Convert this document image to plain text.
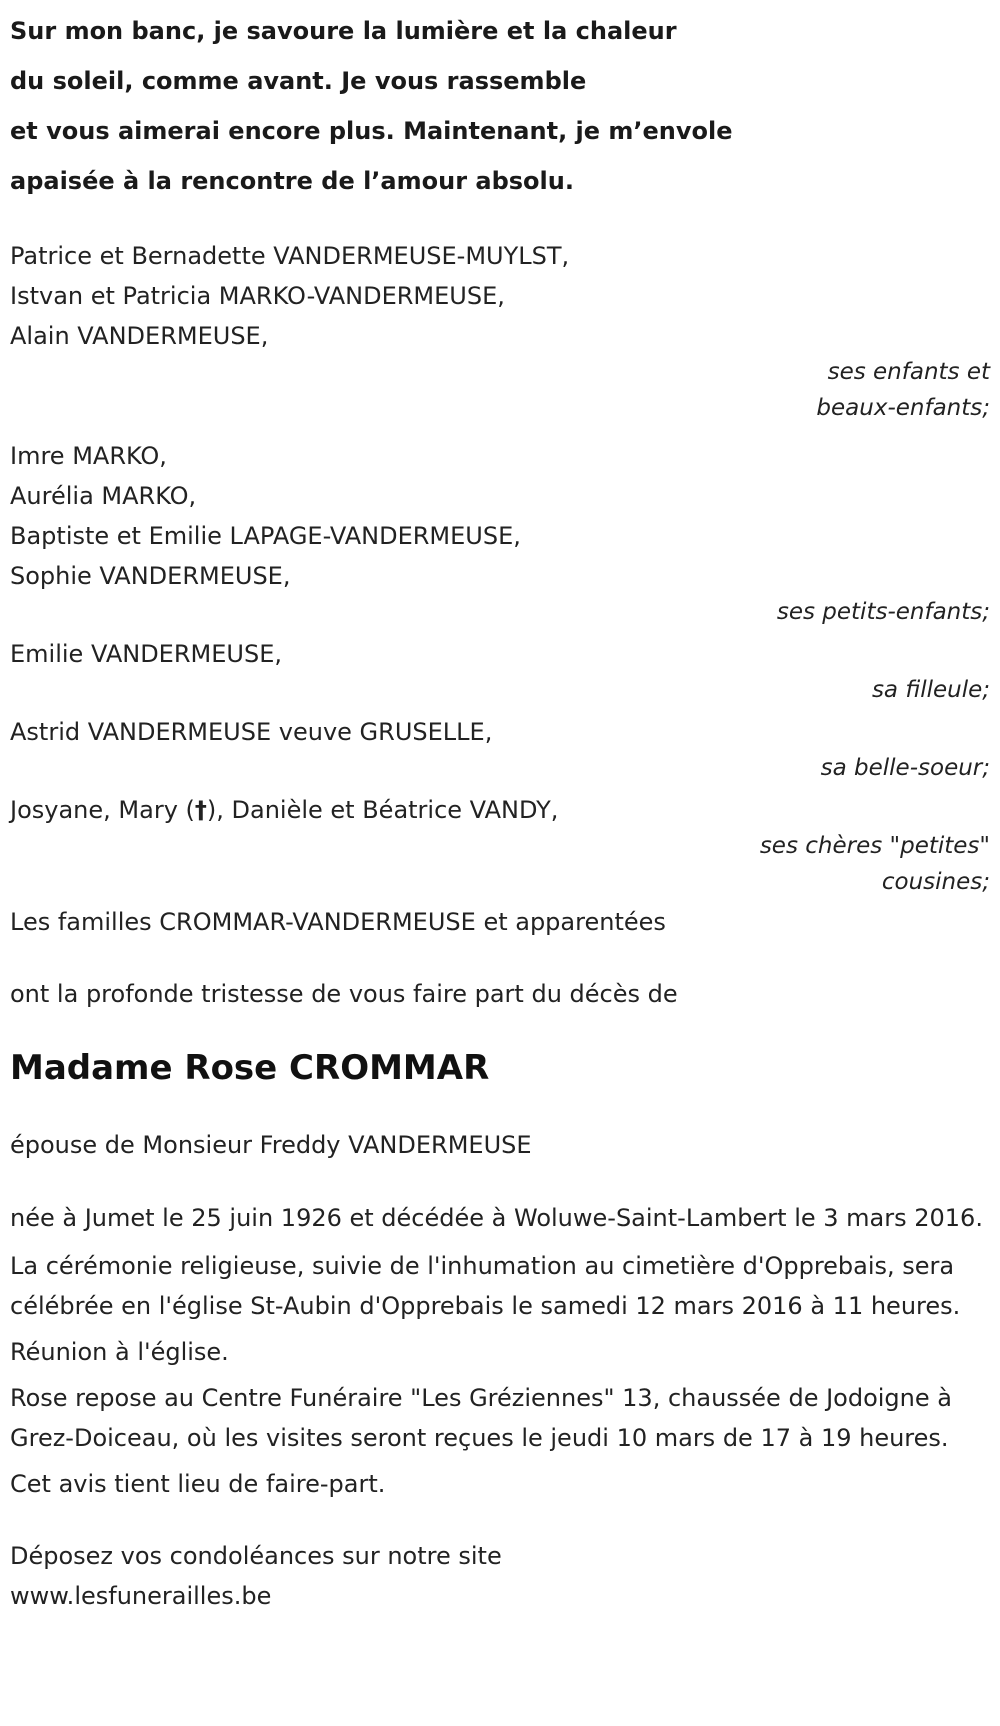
Sur mon banc, je savoure la lumière et la chaleur
du soleil, comme avant. Je vous rassemble
et vous aimerai encore plus. Maintenant, je m’envole
apaisée à la rencontre de l’amour absolu.

Patrice et Bernadette VANDERMEUSE-MUYLST,
Istvan et Patricia MARKO-VANDERMEUSE,
Alain VANDERMEUSE,
ses enfants et
beaux-enfants;
Imre MARKO,
Aurélia MARKO,
Baptiste et Emilie LAPAGE-VANDERMEUSE,
Sophie VANDERMEUSE,
ses petits-enfants;
Emilie VANDERMEUSE,
sa filleule;
Astrid VANDERMEUSE veuve GRUSELLE,
sa belle-soeur;
Josyane, Mary (†), Danièle et Béatrice VANDY,
ses chères "petites"
cousines;

Les familles CROMMAR-VANDERMEUSE et apparentées

ont la profonde tristesse de vous faire part du décès de

Madame Rose CROMMAR

épouse de Monsieur Freddy VANDERMEUSE

née à Jumet le 25 juin 1926 et décédée à Woluwe-Saint-Lambert le 3 mars 2016.

La cérémonie religieuse, suivie de l'inhumation au cimetière d'Opprebais, sera célébrée en l'église St-Aubin d'Opprebais le samedi 12 mars 2016 à 11 heures.

Réunion à l'église.

Rose repose au Centre Funéraire "Les Gréziennes" 13, chaussée de Jodoigne à Grez-Doiceau, où les visites seront reçues le jeudi 10 mars de 17 à 19 heures.

Cet avis tient lieu de faire-part.

Déposez vos condoléances sur notre site
www.lesfunerailles.be
